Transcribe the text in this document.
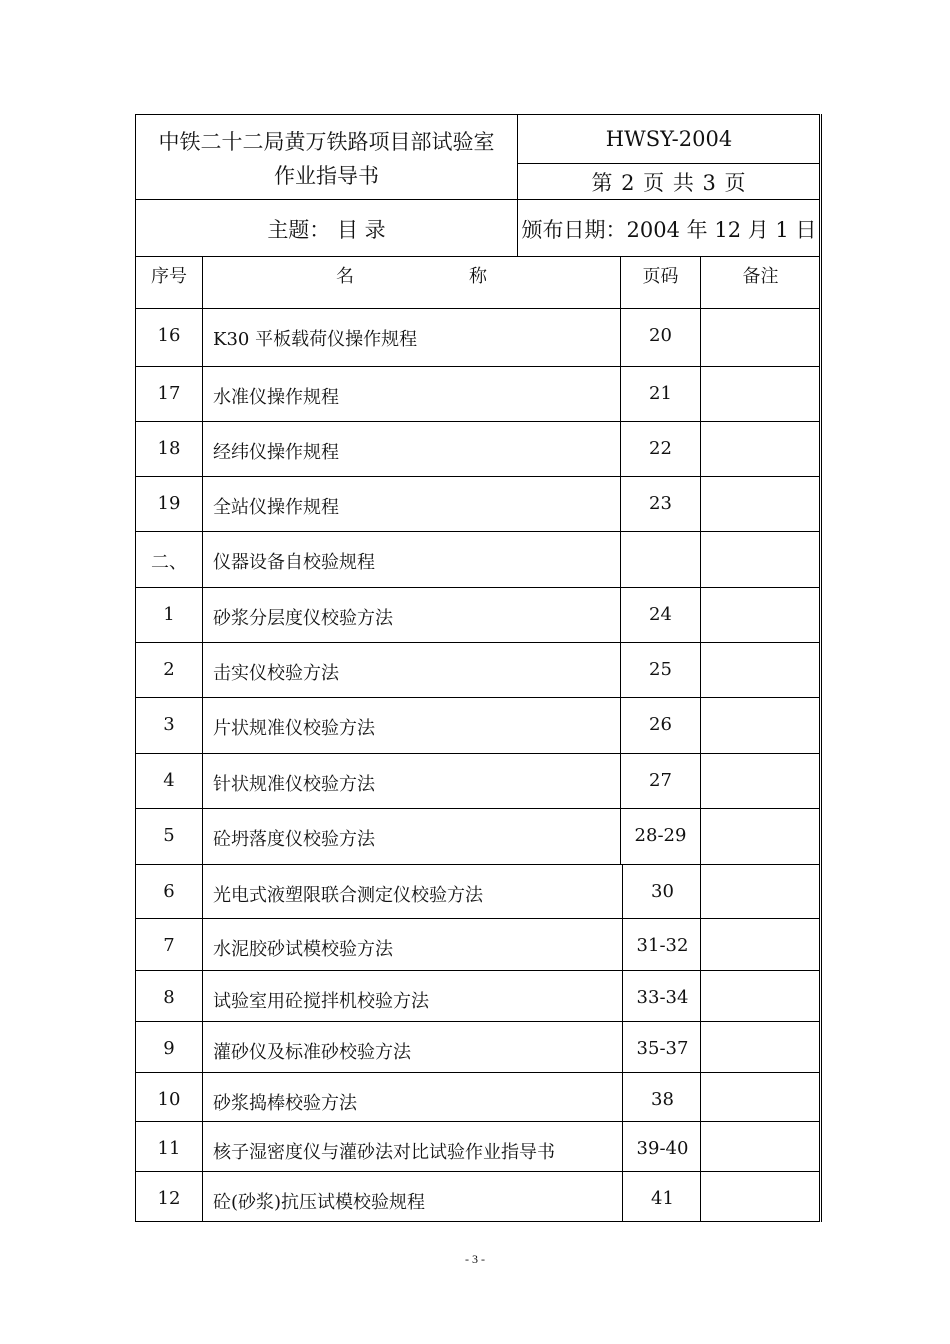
中铁二十二局黄万铁路项目部试验室
作业指导书
HWSY-2004
第 2 页 共 3 页
主题： 目 录	颁布日期：2004 年 12 月 1 日
序号	名	称	页码	备注
16	K30 平板载荷仪操作规程	20
17	水准仪操作规程	21
18	经纬仪操作规程	22
19	全站仪操作规程	23
二、	仪器设备自校验规程
1	砂浆分层度仪校验方法	24
2	击实仪校验方法	25
3	片状规准仪校验方法	26
4	针状规准仪校验方法	27
5	砼坍落度仪校验方法	28-29
6	光电式液塑限联合测定仪校验方法	30
7	水泥胶砂试模校验方法	31-32
8	试验室用砼搅拌机校验方法	33-34
9	灌砂仪及标准砂校验方法	35-37
10	砂浆捣棒校验方法	38
11	核子湿密度仪与灌砂法对比试验作业指导书	39-40
12	砼(砂浆)抗压试模校验规程	41
- 3 -
